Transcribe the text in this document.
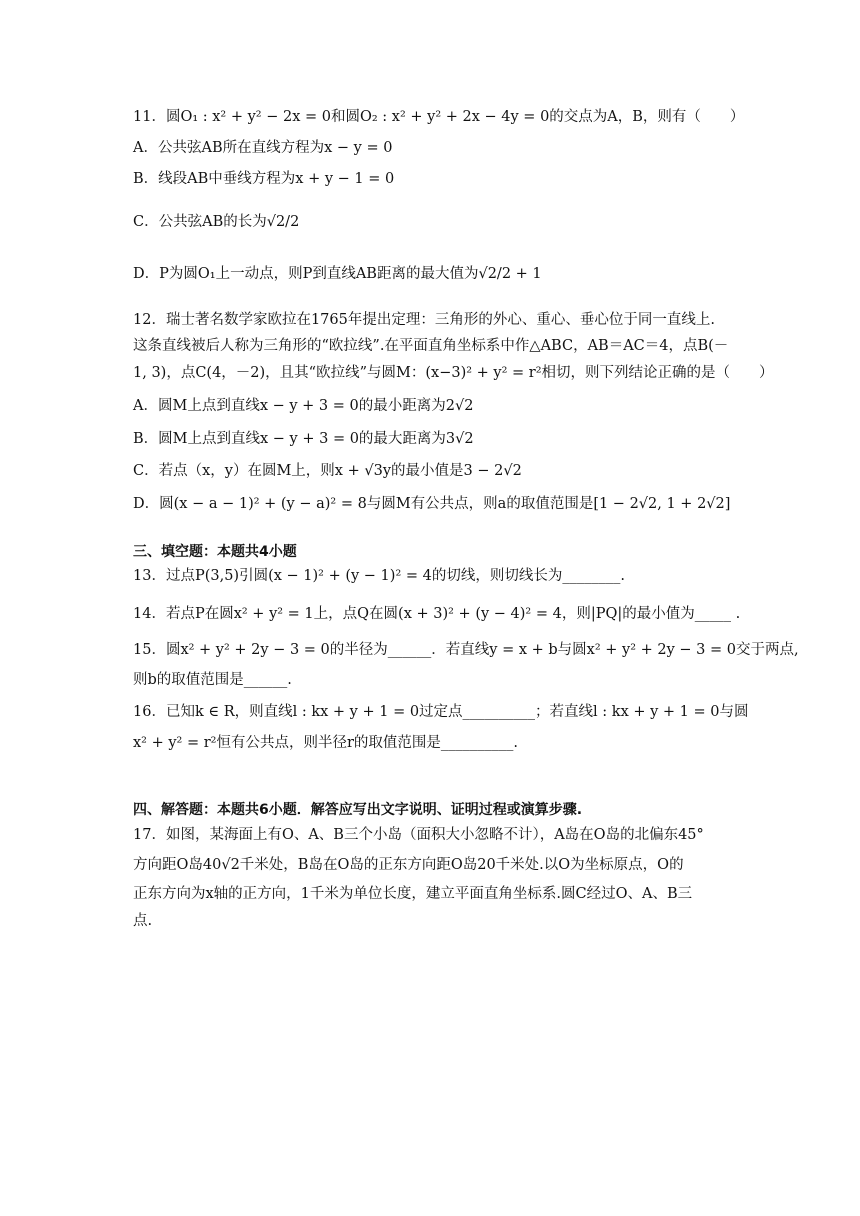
11．圆O₁ : x² + y² − 2x = 0和圆O₂ : x² + y² + 2x − 4y = 0的交点为A，B，则有（　　）
A．公共弦AB所在直线方程为x − y = 0
B．线段AB中垂线方程为x + y − 1 = 0
C．公共弦AB的长为√2/2
D．P为圆O₁上一动点，则P到直线AB距离的最大值为√2/2 + 1
12．瑞士著名数学家欧拉在1765年提出定理：三角形的外心、重心、垂心位于同一直线上.
这条直线被后人称为三角形的“欧拉线”.在平面直角坐标系中作△ABC，AB＝AC＝4，点B(－
1, 3)，点C(4，－2)，且其“欧拉线”与圆M：(x−3)² + y² = r²相切，则下列结论正确的是（　　）
A．圆M上点到直线x − y + 3 = 0的最小距离为2√2
B．圆M上点到直线x − y + 3 = 0的最大距离为3√2
C．若点（x，y）在圆M上，则x + √3y的最小值是3 − 2√2
D．圆(x − a − 1)² + (y − a)² = 8与圆M有公共点，则a的取值范围是[1 − 2√2, 1 + 2√2]
三、填空题：本题共4小题
13．过点P(3,5)引圆(x − 1)² + (y − 1)² = 4的切线，则切线长为________.
14．若点P在圆x² + y² = 1上，点Q在圆(x + 3)² + (y − 4)² = 4，则|PQ|的最小值为_____ .
15．圆x² + y² + 2y − 3 = 0的半径为______．若直线y = x + b与圆x² + y² + 2y − 3 = 0交于两点,
则b的取值范围是______.
16．已知k ∈ R，则直线l : kx + y + 1 = 0过定点__________；若直线l : kx + y + 1 = 0与圆
x² + y² = r²恒有公共点，则半径r的取值范围是__________.
四、解答题：本题共6小题．解答应写出文字说明、证明过程或演算步骤.
17．如图，某海面上有O、A、B三个小岛（面积大小忽略不计），A岛在O岛的北偏东45°
方向距O岛40√2千米处，B岛在O岛的正东方向距O岛20千米处.以O为坐标原点，O的
正东方向为x轴的正方向，1千米为单位长度，建立平面直角坐标系.圆C经过O、A、B三
点.
